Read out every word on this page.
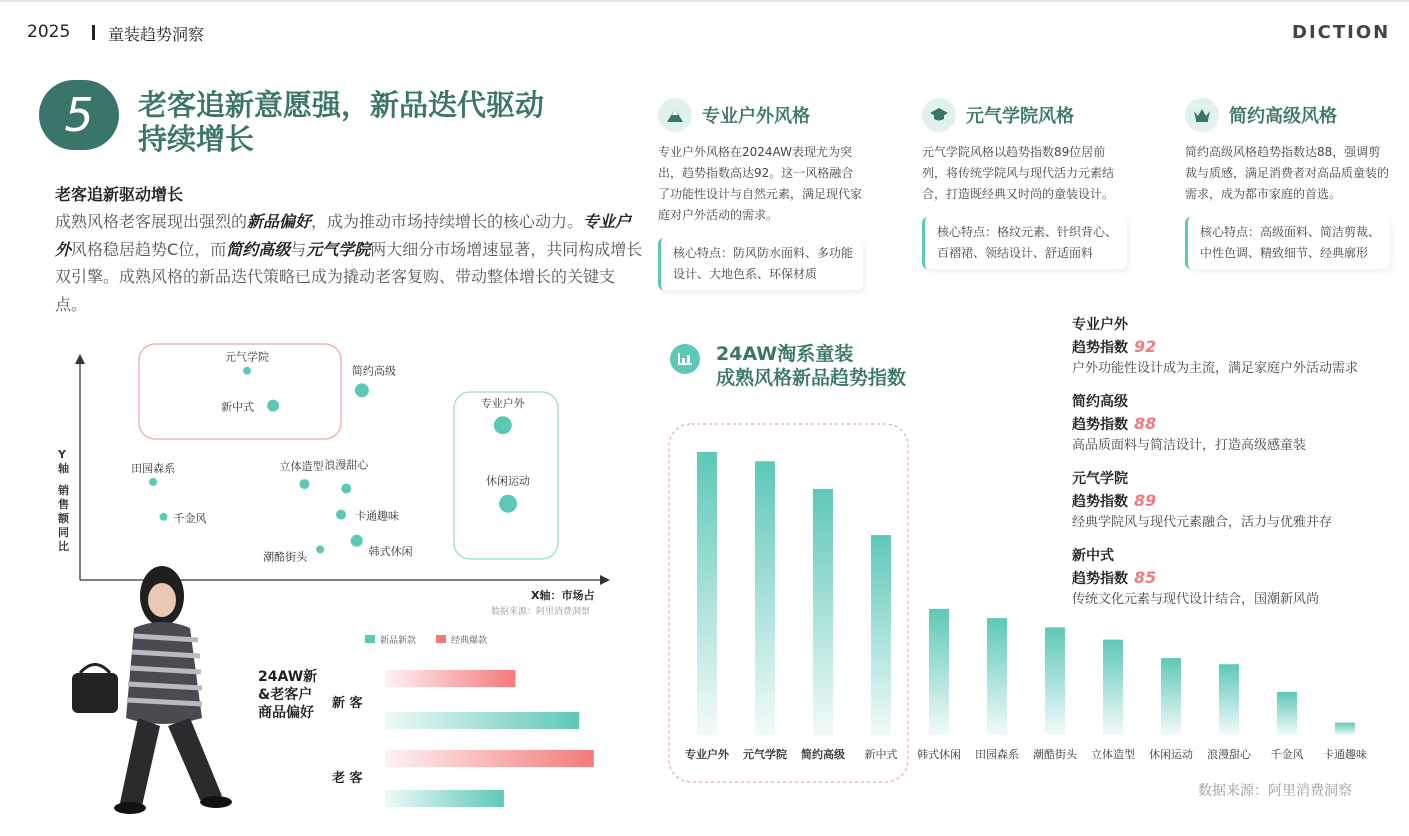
2025 童装趋势洞察	DICTION
5	老客追新意愿强，新品迭代驱动
持续增长
老客追新驱动增长
成熟风格老客展现出强烈的新品偏好，成为推动市场持续增长的核心动力。专业户外风格稳居趋势C位，而简约高级与元气学院两大细分市场增速显著，共同构成增长双引擎。成熟风格的新品迭代策略已成为撬动老客复购、带动整体增长的关键支点。
元气学院
简约高级
新中式	专业户外
休闲运动
田园森系	立体造型 浪漫甜心
千金风	卡通趣味
潮酷街头	韩式休闲
Y 轴销售额同比
X轴：市场占
数据来源：阿里消费洞察
24AW新&老客户商品偏好
新品新款	经典爆款
新 客
老 客
专业户外风格
专业户外风格在2024AW表现尤为突出，趋势指数高达92。这一风格融合了功能性设计与自然元素，满足现代家庭对户外活动的需求。
核心特点：防风防水面料、多功能设计、大地色系、环保材质
元气学院风格
元气学院风格以趋势指数89位居前列，将传统学院风与现代活力元素结合，打造既经典又时尚的童装设计。
核心特点：格纹元素、针织背心、百褶裙、领结设计、舒适面料
简约高级风格
简约高级风格趋势指数达88，强调剪裁与质感，满足消费者对高品质童装的需求，成为都市家庭的首选。
核心特点：高级面料、简洁剪裁、中性色调、精致细节、经典廓形
24AW淘系童装
成熟风格新品趋势指数
专业户外
趋势指数 92
户外功能性设计成为主流，满足家庭户外活动需求
简约高级
趋势指数 88
高品质面料与简洁设计，打造高级感童装
元气学院
趋势指数 89
经典学院风与现代元素融合，活力与优雅并存
新中式
趋势指数 85
传统文化元素与现代设计结合，国潮新风尚
专业户外 元气学院 简约高级 新中式 韩式休闲 田园森系 潮酷街头 立体造型 休闲运动 浪漫甜心 千金风 卡通趣味
数据来源：阿里消费洞察
